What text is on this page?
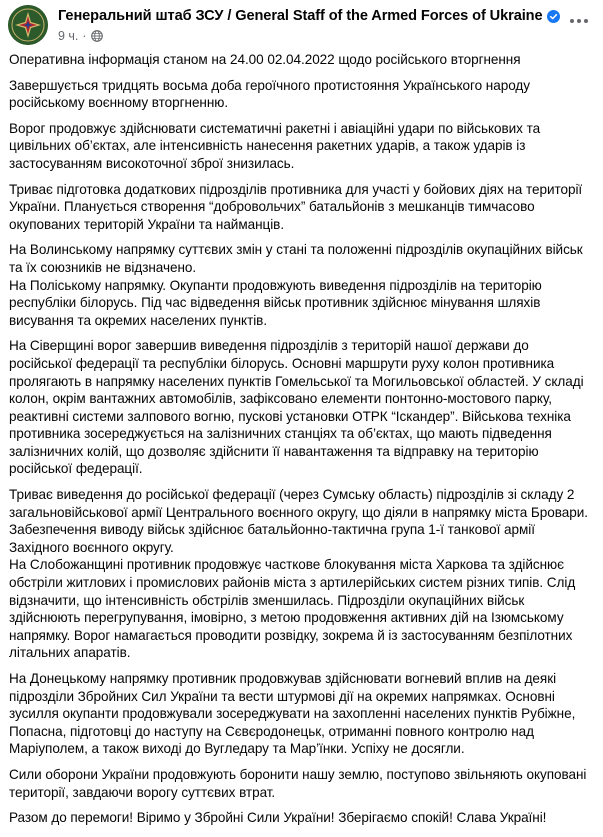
Генеральний штаб ЗСУ / General Staff of the Armed Forces of Ukraine
9 ч. ·

Оперативна інформація станом на 24.00 02.04.2022 щодо російського вторгнення

Завершується тридцять восьма доба героїчного протистояння Українського народу російському воєнному вторгненню.

Ворог продовжує здійснювати систематичні ракетні і авіаційні удари по військових та цивільних об’єктах, але інтенсивність нанесення ракетних ударів, а також ударів із застосуванням високоточної зброї знизилась.

Триває підготовка додаткових підрозділів противника для участі у бойових діях на території України. Планується створення “добровольчих” батальйонів з мешканців тимчасово окупованих територій України та найманців.

На Волинському напрямку суттєвих змін у стані та положенні підрозділів окупаційних військ та їх союзників не відзначено.

На Поліському напрямку. Окупанти продовжують виведення підрозділів на територію республіки білорусь. Під час відведення військ противник здійснює мінування шляхів висування та окремих населених пунктів.

На Сіверщині ворог завершив виведення підрозділів з територій нашої держави до російської федерації та республіки білорусь. Основні маршрути руху колон противника пролягають в напрямку населених пунктів Гомельської та Могильовської областей. У складі колон, окрім вантажних автомобілів, зафіксовано елементи понтонно-мостового парку, реактивні системи залпового вогню, пускові установки ОТРК “Іскандер”. Військова техніка противника зосереджується на залізничних станціях та об’єктах, що мають підведення залізничних колій, що дозволяє здійснити її навантаження та відправку на територію російської федерації.

Триває виведення до російської федерації (через Сумську область) підрозділів зі складу 2 загальновійськової армії Центрального воєнного округу, що діяли в напрямку міста Бровари. Забезпечення виводу військ здійснює батальйонно-тактична група 1-ї танкової армії Західного воєнного округу.

На Слобожанщині противник продовжує часткове блокування міста Харкова та здійснює обстріли житлових і промислових районів міста з артилерійських систем різних типів. Слід відзначити, що інтенсивність обстрілів зменшилась. Підрозділи окупаційних військ здійснюють перегрупування, імовірно, з метою продовження активних дій на Ізюмському напрямку. Ворог намагається проводити розвідку, зокрема й із застосуванням безпілотних літальних апаратів.

На Донецькому напрямку противник продовжував здійснювати вогневий вплив на деякі підрозділи Збройних Сил України та вести штурмові дії на окремих напрямках. Основні зусилля окупанти продовжували зосереджувати на захопленні населених пунктів Рубіжне, Попасна, підготовці до наступу на Сєвєродонецьк, отриманні повного контролю над Маріуполем, а також виході до Вугледару та Мар’їнки. Успіху не досягли.

Сили оборони України продовжують боронити нашу землю, поступово звільняють окуповані території, завдаючи ворогу суттєвих втрат.

Разом до перемоги! Віримо у Збройні Сили України! Зберігаємо спокій! Слава Україні!
